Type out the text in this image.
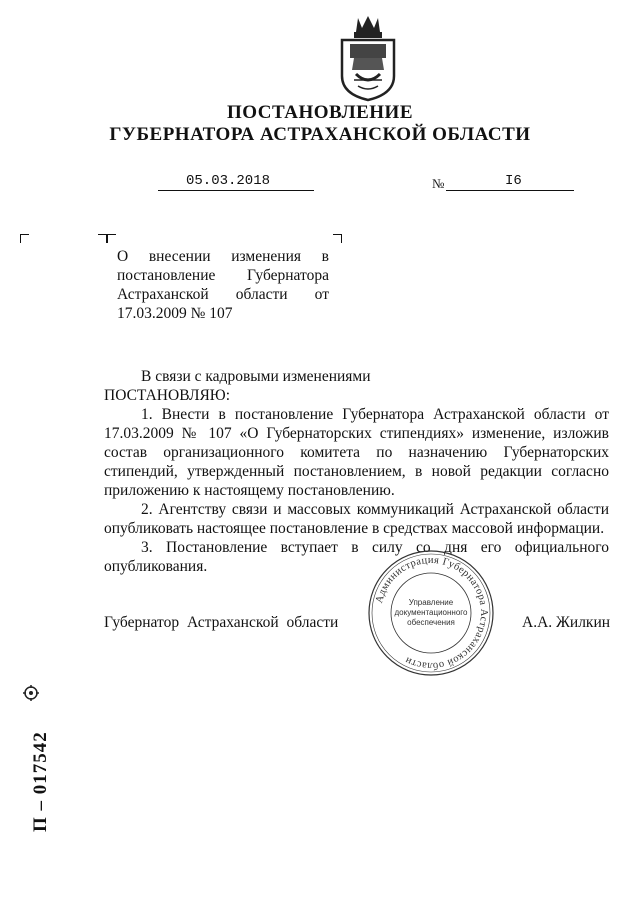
ПОСТАНОВЛЕНИЕ
ГУБЕРНАТОРА АСТРАХАНСКОЙ ОБЛАСТИ
05.03.2018	№	I6
О внесении изменения в постановление Губернатора Астраханской области от 17.03.2009 № 107

В связи с кадровыми изменениями

ПОСТАНОВЛЯЮ:

1. Внести в постановление Губернатора Астраханской области от 17.03.2009 № 107 «О Губернаторских стипендиях» изменение, изложив состав организационного комитета по назначению Губернаторских стипендий, утвержденный постановлением, в новой редакции согласно приложению к настоящему постановлению.

2. Агентству связи и массовых коммуникаций Астраханской области опубликовать настоящее постановление в средствах массовой информации.

3. Постановление вступает в силу со дня его официального опубликования.

Губернатор Астраханской области	А.А. Жилкин
Администрация Губернатора Астраханской области
Управление
документационного
обеспечения
П – 017542
